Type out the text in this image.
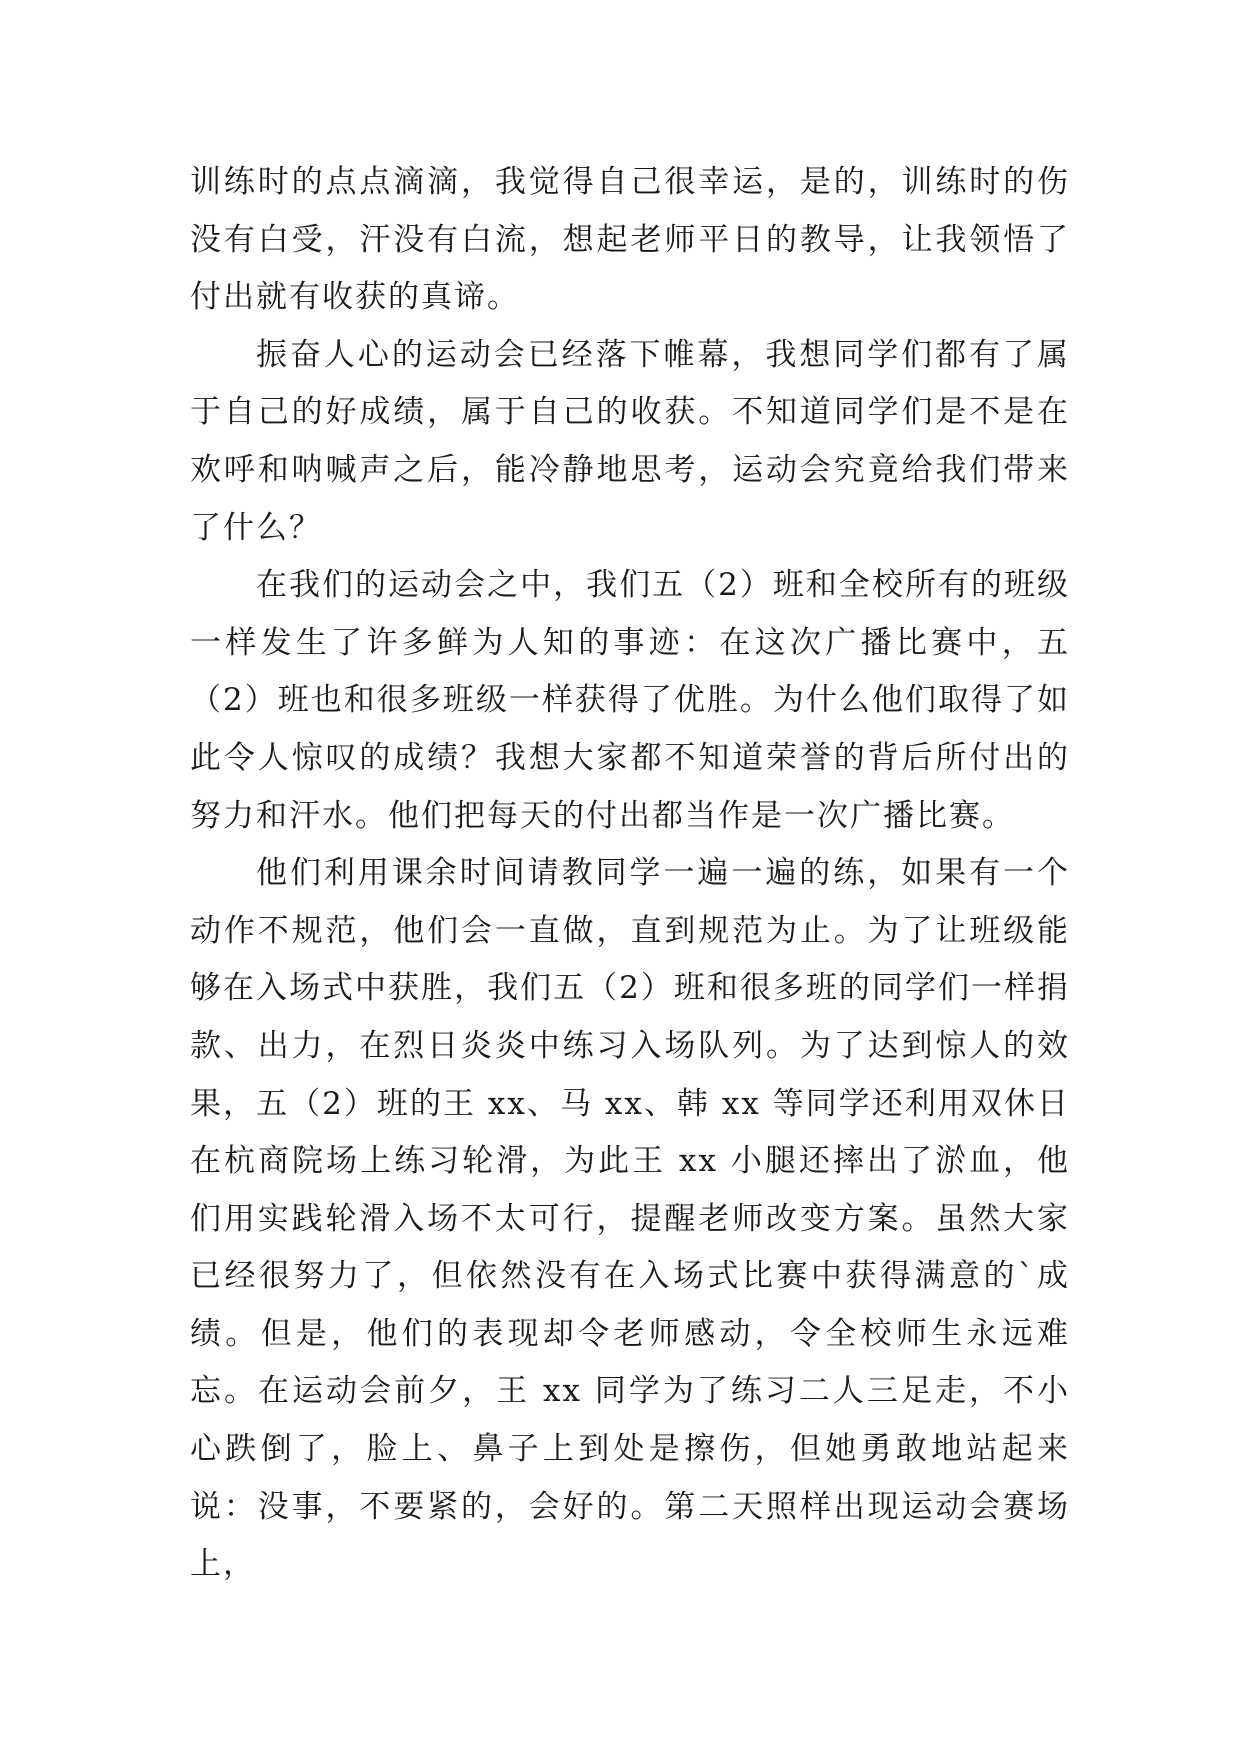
训练时的点点滴滴，我觉得自己很幸运，是的，训练时的伤没有白受，汗没有白流，想起老师平日的教导，让我领悟了付出就有收获的真谛。

振奋人心的运动会已经落下帷幕，我想同学们都有了属于自己的好成绩，属于自己的收获。不知道同学们是不是在欢呼和呐喊声之后，能冷静地思考，运动会究竟给我们带来了什么？

在我们的运动会之中，我们五（2）班和全校所有的班级一样发生了许多鲜为人知的事迹：在这次广播比赛中，五（2）班也和很多班级一样获得了优胜。为什么他们取得了如此令人惊叹的成绩？我想大家都不知道荣誉的背后所付出的努力和汗水。他们把每天的付出都当作是一次广播比赛。

他们利用课余时间请教同学一遍一遍的练，如果有一个动作不规范，他们会一直做，直到规范为止。为了让班级能够在入场式中获胜，我们五（2）班和很多班的同学们一样捐款、出力，在烈日炎炎中练习入场队列。为了达到惊人的效果，五（2）班的王 xx、马 xx、韩 xx 等同学还利用双休日在杭商院场上练习轮滑，为此王 xx 小腿还摔出了淤血，他们用实践轮滑入场不太可行，提醒老师改变方案。虽然大家已经很努力了，但依然没有在入场式比赛中获得满意的`成绩。但是，他们的表现却令老师感动，令全校师生永远难忘。在运动会前夕，王 xx 同学为了练习二人三足走，不小心跌倒了，脸上、鼻子上到处是擦伤，但她勇敢地站起来说：没事，不要紧的，会好的。第二天照样出现运动会赛场上，
